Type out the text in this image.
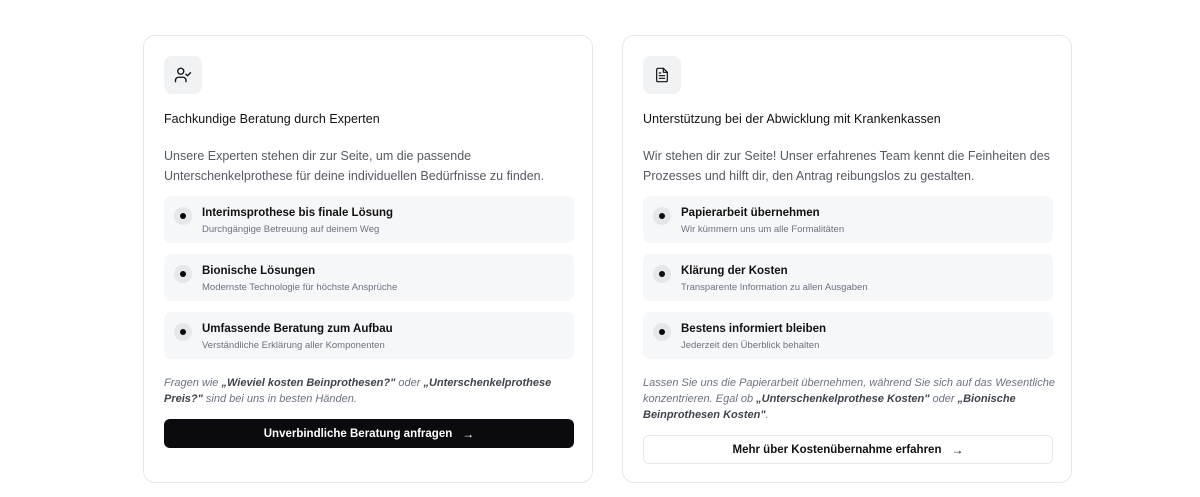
Fachkundige Beratung durch Experten
Unsere Experten stehen dir zur Seite, um die passende Unterschenkelprothese für deine individuellen Bedürfnisse zu finden.
Interimsprothese bis finale Lösung
Durchgängige Betreuung auf deinem Weg
Bionische Lösungen
Modernste Technologie für höchste Ansprüche
Umfassende Beratung zum Aufbau
Verständliche Erklärung aller Komponenten
Fragen wie „Wieviel kosten Beinprothesen?" oder „Unterschenkelprothese Preis?" sind bei uns in besten Händen.
Unverbindliche Beratung anfragen →
Unterstützung bei der Abwicklung mit Krankenkassen
Wir stehen dir zur Seite! Unser erfahrenes Team kennt die Feinheiten des Prozesses und hilft dir, den Antrag reibungslos zu gestalten.
Papierarbeit übernehmen
Wir kümmern uns um alle Formalitäten
Klärung der Kosten
Transparente Information zu allen Ausgaben
Bestens informiert bleiben
Jederzeit den Überblick behalten
Lassen Sie uns die Papierarbeit übernehmen, während Sie sich auf das Wesentliche konzentrieren. Egal ob „Unterschenkelprothese Kosten" oder „Bionische Beinprothesen Kosten".
Mehr über Kostenübernahme erfahren →
